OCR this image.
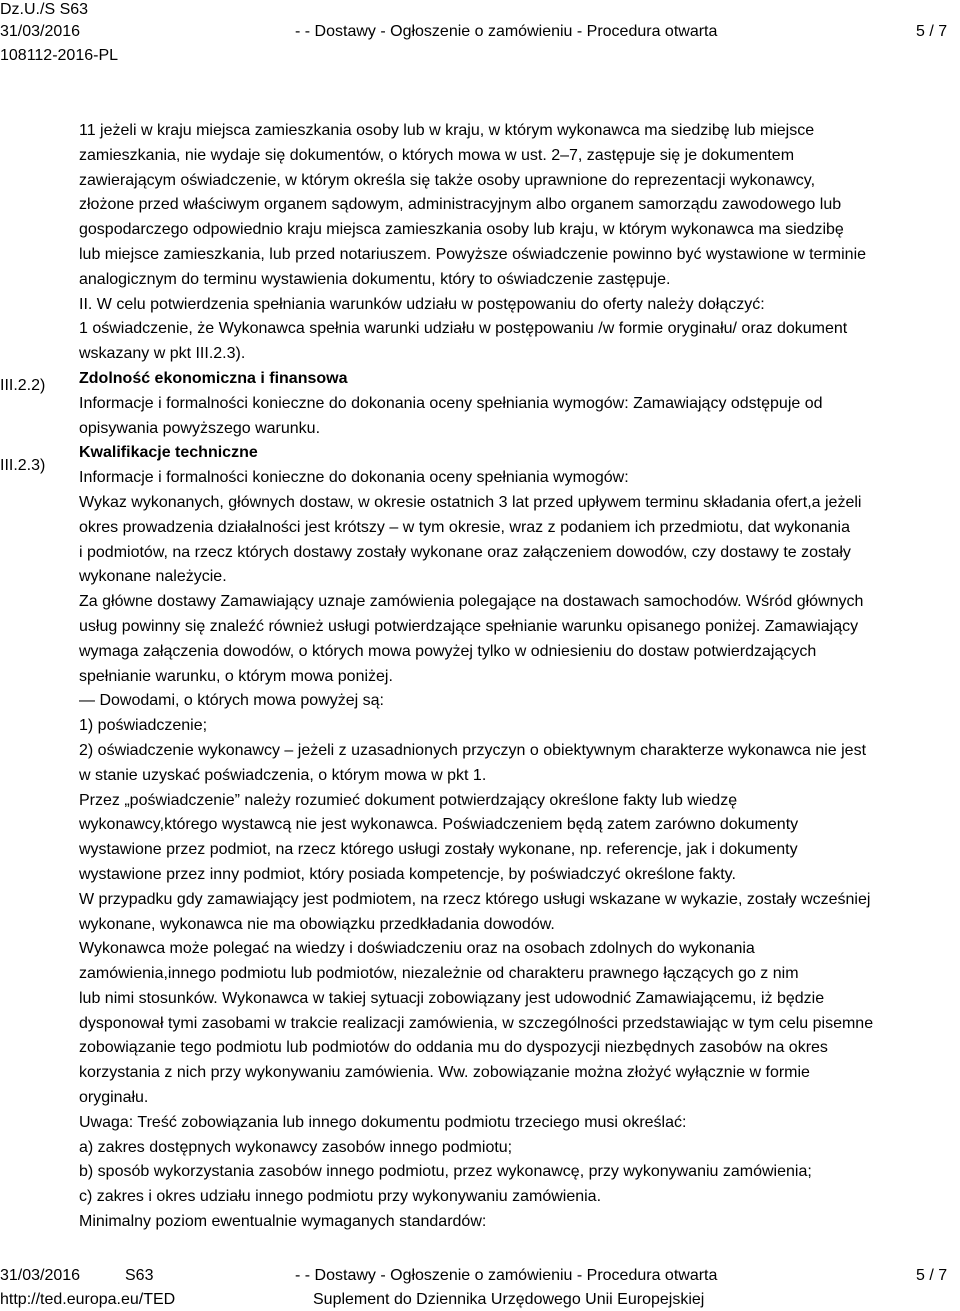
Dz.U./S S63
31/03/2016
108112-2016-PL
- - Dostawy - Ogłoszenie o zamówieniu - Procedura otwarta	5 / 7
III.2.2)
III.2.3)

11 jeżeli w kraju miejsca zamieszkania osoby lub w kraju, w którym wykonawca ma siedzibę lub miejsce

zamieszkania, nie wydaje się dokumentów, o których mowa w ust. 2–7, zastępuje się je dokumentem

zawierającym oświadczenie, w którym określa się także osoby uprawnione do reprezentacji wykonawcy,

złożone przed właściwym organem sądowym, administracyjnym albo organem samorządu zawodowego lub

gospodarczego odpowiednio kraju miejsca zamieszkania osoby lub kraju, w którym wykonawca ma siedzibę

lub miejsce zamieszkania, lub przed notariuszem. Powyższe oświadczenie powinno być wystawione w terminie

analogicznym do terminu wystawienia dokumentu, który to oświadczenie zastępuje.

II. W celu potwierdzenia spełniania warunków udziału w postępowaniu do oferty należy dołączyć:

1 oświadczenie, że Wykonawca spełnia warunki udziału w postępowaniu /w formie oryginału/ oraz dokument

wskazany w pkt III.2.3).

Zdolność ekonomiczna i finansowa

Informacje i formalności konieczne do dokonania oceny spełniania wymogów: Zamawiający odstępuje od

opisywania powyższego warunku.

Kwalifikacje techniczne

Informacje i formalności konieczne do dokonania oceny spełniania wymogów:

Wykaz wykonanych, głównych dostaw, w okresie ostatnich 3 lat przed upływem terminu składania ofert,a jeżeli

okres prowadzenia działalności jest krótszy – w tym okresie, wraz z podaniem ich przedmiotu, dat wykonania

i podmiotów, na rzecz których dostawy zostały wykonane oraz załączeniem dowodów, czy dostawy te zostały

wykonane należycie.

Za główne dostawy Zamawiający uznaje zamówienia polegające na dostawach samochodów. Wśród głównych

usług powinny się znaleźć również usługi potwierdzające spełnianie warunku opisanego poniżej. Zamawiający

wymaga załączenia dowodów, o których mowa powyżej tylko w odniesieniu do dostaw potwierdzających

spełnianie warunku, o którym mowa poniżej.

― Dowodami, o których mowa powyżej są:

1) poświadczenie;

2) oświadczenie wykonawcy – jeżeli z uzasadnionych przyczyn o obiektywnym charakterze wykonawca nie jest

w stanie uzyskać poświadczenia, o którym mowa w pkt 1.

Przez „poświadczenie” należy rozumieć dokument potwierdzający określone fakty lub wiedzę

wykonawcy,którego wystawcą nie jest wykonawca. Poświadczeniem będą zatem zarówno dokumenty

wystawione przez podmiot, na rzecz którego usługi zostały wykonane, np. referencje, jak i dokumenty

wystawione przez inny podmiot, który posiada kompetencje, by poświadczyć określone fakty.

W przypadku gdy zamawiający jest podmiotem, na rzecz którego usługi wskazane w wykazie, zostały wcześniej

wykonane, wykonawca nie ma obowiązku przedkładania dowodów.

Wykonawca może polegać na wiedzy i doświadczeniu oraz na osobach zdolnych do wykonania

zamówienia,innego podmiotu lub podmiotów, niezależnie od charakteru prawnego łączących go z nim

lub nimi stosunków. Wykonawca w takiej sytuacji zobowiązany jest udowodnić Zamawiającemu, iż będzie

dysponował tymi zasobami w trakcie realizacji zamówienia, w szczególności przedstawiając w tym celu pisemne

zobowiązanie tego podmiotu lub podmiotów do oddania mu do dyspozycji niezbędnych zasobów na okres

korzystania z nich przy wykonywaniu zamówienia. Ww. zobowiązanie można złożyć wyłącznie w formie

oryginału.

Uwaga: Treść zobowiązania lub innego dokumentu podmiotu trzeciego musi określać:

a) zakres dostępnych wykonawcy zasobów innego podmiotu;

b) sposób wykorzystania zasobów innego podmiotu, przez wykonawcę, przy wykonywaniu zamówienia;

c) zakres i okres udziału innego podmiotu przy wykonywaniu zamówienia.

Minimalny poziom ewentualnie wymaganych standardów:

31/03/2016	S63
http://ted.europa.eu/TED
- - Dostawy - Ogłoszenie o zamówieniu - Procedura otwarta
Suplement do Dziennika Urzędowego Unii Europejskiej
5 / 7
